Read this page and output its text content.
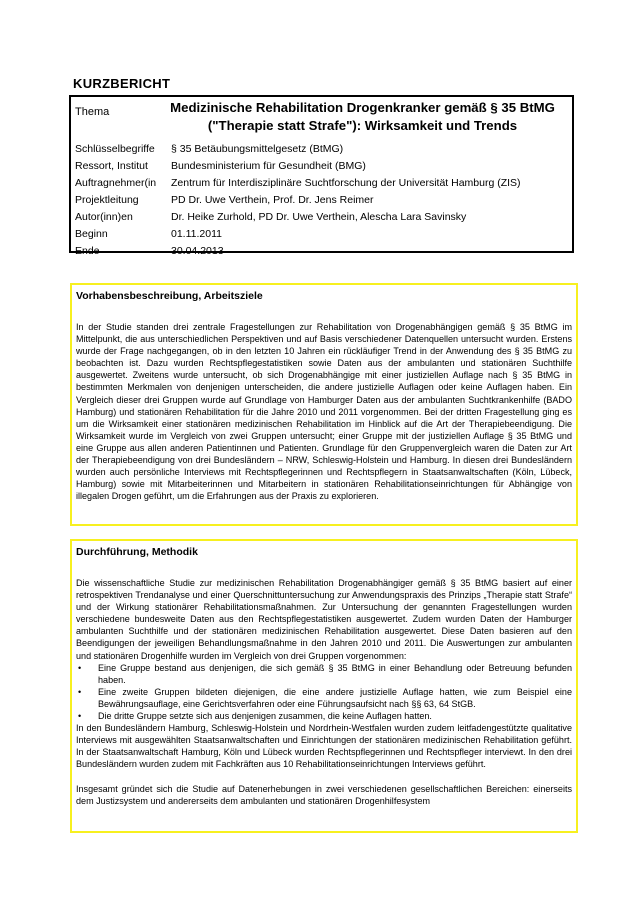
KURZBERICHT
Thema	Medizinische Rehabilitation Drogenkranker gemäß § 35 BtMG
("Therapie statt Strafe"): Wirksamkeit und Trends
Schlüsselbegriffe	§ 35 Betäubungsmittelgesetz (BtMG)
Ressort, Institut	Bundesministerium für Gesundheit (BMG)
Auftragnehmer(in	Zentrum für Interdisziplinäre Suchtforschung der Universität Hamburg (ZIS)
Projektleitung	PD Dr. Uwe Verthein, Prof. Dr. Jens Reimer
Autor(inn)en	Dr. Heike Zurhold, PD Dr. Uwe Verthein, Alescha Lara Savinsky
Beginn	01.11.2011
Ende	30.04.2013
Vorhabensbeschreibung, Arbeitsziele

In der Studie standen drei zentrale Fragestellungen zur Rehabilitation von Drogenabhängigen gemäß § 35 BtMG im Mittelpunkt, die aus unterschiedlichen Perspektiven und auf Basis verschiedener Datenquellen untersucht wurden. Erstens wurde der Frage nachgegangen, ob in den letzten 10 Jahren ein rückläufiger Trend in der Anwendung des § 35 BtMG zu beobachten ist. Dazu wurden Rechtspflegestatistiken sowie Daten aus der ambulanten und stationären Suchthilfe ausgewertet. Zweitens wurde untersucht, ob sich Drogenabhängige mit einer justiziellen Auflage nach § 35 BtMG in bestimmten Merkmalen von denjenigen unterscheiden, die andere justizielle Auflagen oder keine Auflagen haben. Ein Vergleich dieser drei Gruppen wurde auf Grundlage von Hamburger Daten aus der ambulanten Suchtkrankenhilfe (BADO Hamburg) und stationären Rehabilitation für die Jahre 2010 und 2011 vorgenommen. Bei der dritten Fragestellung ging es um die Wirksamkeit einer stationären medizinischen Rehabilitation im Hinblick auf die Art der Therapiebeendigung. Die Wirksamkeit wurde im Vergleich von zwei Gruppen untersucht; einer Gruppe mit der justiziellen Auflage § 35 BtMG und eine Gruppe aus allen anderen Patientinnen und Patienten. Grundlage für den Gruppenvergleich waren die Daten zur Art der Therapiebeendigung von drei Bundesländern – NRW, Schleswig-Holstein und Hamburg. In diesen drei Bundesländern wurden auch persönliche Interviews mit Rechtspflegerinnen und Rechtspflegern in Staatsanwaltschaften (Köln, Lübeck, Hamburg) sowie mit Mitarbeiterinnen und Mitarbeitern in stationären Rehabilitationseinrichtungen für Abhängige von illegalen Drogen geführt, um die Erfahrungen aus der Praxis zu explorieren.

Durchführung, Methodik

Die wissenschaftliche Studie zur medizinischen Rehabilitation Drogenabhängiger gemäß § 35 BtMG basiert auf einer retrospektiven Trendanalyse und einer Querschnittuntersuchung zur Anwendungspraxis des Prinzips „Therapie statt Strafe“ und der Wirkung stationärer Rehabilitationsmaßnahmen. Zur Untersuchung der genannten Fragestellungen wurden verschiedene bundesweite Daten aus den Rechtspflegestatistiken ausgewertet. Zudem wurden Daten der Hamburger ambulanten Suchthilfe und der stationären medizinischen Rehabilitation ausgewertet. Diese Daten basieren auf den Beendigungen der jeweiligen Behandlungsmaßnahme in den Jahren 2010 und 2011. Die Auswertungen zur ambulanten und stationären Drogenhilfe wurden im Vergleich von drei Gruppen vorgenommen:

• Eine Gruppe bestand aus denjenigen, die sich gemäß § 35 BtMG in einer Behandlung oder Betreuung befunden haben.
• Eine zweite Gruppen bildeten diejenigen, die eine andere justizielle Auflage hatten, wie zum Beispiel eine Bewährungsauflage, eine Gerichtsverfahren oder eine Führungsaufsicht nach §§ 63, 64 StGB.
• Die dritte Gruppe setzte sich aus denjenigen zusammen, die keine Auflagen hatten.

In den Bundesländern Hamburg, Schleswig-Holstein und Nordrhein-Westfalen wurden zudem leitfadengestützte qualitative Interviews mit ausgewählten Staatsanwaltschaften und Einrichtungen der stationären medizinischen Rehabilitation geführt. In der Staatsanwaltschaft Hamburg, Köln und Lübeck wurden Rechtspflegerinnen und Rechtspfleger interviewt. In den drei Bundesländern wurden zudem mit Fachkräften aus 10 Rehabilitationseinrichtungen Interviews geführt.

Insgesamt gründet sich die Studie auf Datenerhebungen in zwei verschiedenen gesellschaftlichen Bereichen: einerseits dem Justizsystem und andererseits dem ambulanten und stationären Drogenhilfesystem
